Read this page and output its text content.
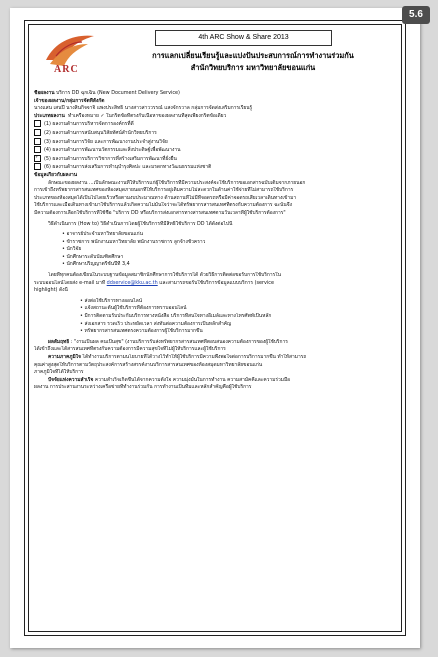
ARC
4th ARC Show & Share 2013
การแลกเปลี่ยนเรียนรู้และแบ่งปันประสบการณ์การทำงานร่วมกัน
สำนักวิทยบริการ มหาวิทยาลัยขอนแก่น
ชื่อผลงาน บริการ DD ฉุกเฉิน (New Document Delivery Service)
เจ้าของผลงาน/กลุ่มการจัดที่สังกัด
นางแสน เสนปี นางสินกิจจาจิ แพงประสิทธิ์ นางสาวสาววรรณ์ แสงจักรวาล กลุ่มการจัดส่งเสริมการเรียนรู้
ประเภทผลงาน ทำเครื่องหมาย ✓ ในกริตข้อที่ตรงกับเนื้อหาของผลงานที่สุดเพียงกริตข้อเดียว
(1) ผลงานด้านการบริหารจัดการองค์กรที่ดี
(2) ผลงานด้านการสนับสนุนวิสัยทัศน์สำนักวิทยบริการ
(3) ผลงานด้านการวิจัย และการพัฒนางานประจำสู่งานวิจัย
(4) ผลงานด้านการพัฒนานวัตกรรมและสิ่งประดิษฐ์เพื่อพัฒนางาน
✓(5) ผลงานด้านการบริการวิชาการที่สร้างเสริมการพัฒนาที่ยั่งยืน
(6) ผลงานด้านการส่งเสริมการทำนุบำรุงศิลปะ และมรดกทางวัฒนธรรมแห่งชาติ
ข้อมูลเกี่ยวกับผลงาน
ลักษณะของผลงาน ...เป็นลักษณะงานที่ให้บริการแก่ผู้ใช้บริการที่มีความประสงค์จะใช้บริการขอเอกสารฉบับเต็มจากภายนอก
การเข้าถึงทรัพยากรสารสนเทศของห้องสมุดภายนอกที่ให้บริการอยู่เดิมความไม่สะดวกในด้านค่าใช้จ่ายที่ไม่สามารถใช้บริการ
ประเภทของห้องสมุดได้เป็นไปโดยเร็วหรือตามงบประมาณทาง ด้านสถานที่ไม่มีที่จอดรถหรือมีค่าจอดรถเสียเวลาเดินทางเข้ามา
ใช้บริการและเมื่อเดินทางเข้ามาใช้บริการแล้วเกิดความไม่มั่นใจว่าจะได้ทรัพยากรสารสนเทศที่ตรงกับความต้องการ ฉะนั้นจึง
มีความต้องการเลือกใช้บริการที่ใช้ชื่อ "บริการ DD หรือบริการส่งเอกสารทางสารสนเทศตามวันเวลาที่ผู้ใช้บริการต้องการ"
วิธีดำเนินการ (How to) วิธีดำเนินการโดยผู้ใช้บริการที่มีสิทธิ์ใช้บริการ DD ได้ดังต่อไปนี้
• อาจารย์ประจำมหาวิทยาลัยขอนแก่น
• ข้าราชการ พนักงานมหาวิทยาลัย พนักงานราชการ ลูกจ้างชั่วคราว
• นักวิจัย
• นักศึกษาระดับบัณฑิตศึกษา
• นักศึกษาปริญญาตรีชั้นปีที่ 3,4
โดยที่ทุกคนต้องเขียนในระบบฐานข้อมูลสมาชิกนักศึกษาการใช้บริการได้ ด้วยวิธีการติดต่อขอรับการใช้บริการใน
ระบบออนไลน์โดยส่ง e-mail มาที่ ddservice@kku.ac.th และสามารถขอรับใช้บริการข้อมูลแบบบริการ (service
highlight) ดังนี้
• ส่งต่อใช้บริการทางออนไลน์
• แจ้งสถานะต้นผู้ใช้บริการที่ต้องการทราบออนไลน์
• มีการติดตามรับประกันบริการทางหนังสือ บริการที่สนใจทางอีเมล์และทางโทรศัพท์เป็นหลัก
• ส่งเอกสาร รวดเร็ว ประหยัดเวลา ส่งทันต่อความต้องการเป็นหลักสำคัญ
• ทรัพยากรสารสนเทศตรงความต้องการผู้ใช้บริการมากขึ้น
ผลสัมฤทธิ์ : "งานเป็นผล คนเป็นสุข" (งานบริการรับส่งทรัพยากรสารสนเทศที่ตอบสนองความต้องการของผู้ใช้บริการ
ได้เข้าถึงและได้สารสนเทศที่ตรงกับความต้องการมีความสุขใจที่ไม่ผู้ให้บริการและผู้ใช้บริการ
ความภาคภูมิใจ ได้ทำงานบริการตามนโยบายที่ได้วางไว้ทำให้ผู้ใช้บริการมีความพึงพอใจต่อการบริการมากขึ้น ทำให้สามารถ
คุณค่าสูงสุดให้บริการตามวัตถุประสงค์การสร้างสรรค์งานบริการสารสนเทศของห้องสมุดมหาวิทยาลัยขอนแก่น
ภาคภูมิใจที่ได้ให้บริการ
ปัจจัยแห่งความสำเร็จ ความสำเร็จเกิดขึ้นได้จากความตั้งใจ ความมุ่งมั่นในการทำงาน ความสามัคคีและความร่วมมือ
ผลงาน การประสานงานระหว่างเครือข่ายที่ทำงานร่วมกัน การทำงานเป็นทีมและหลักสำคัญคือผู้ใช้บริการ
5.6
